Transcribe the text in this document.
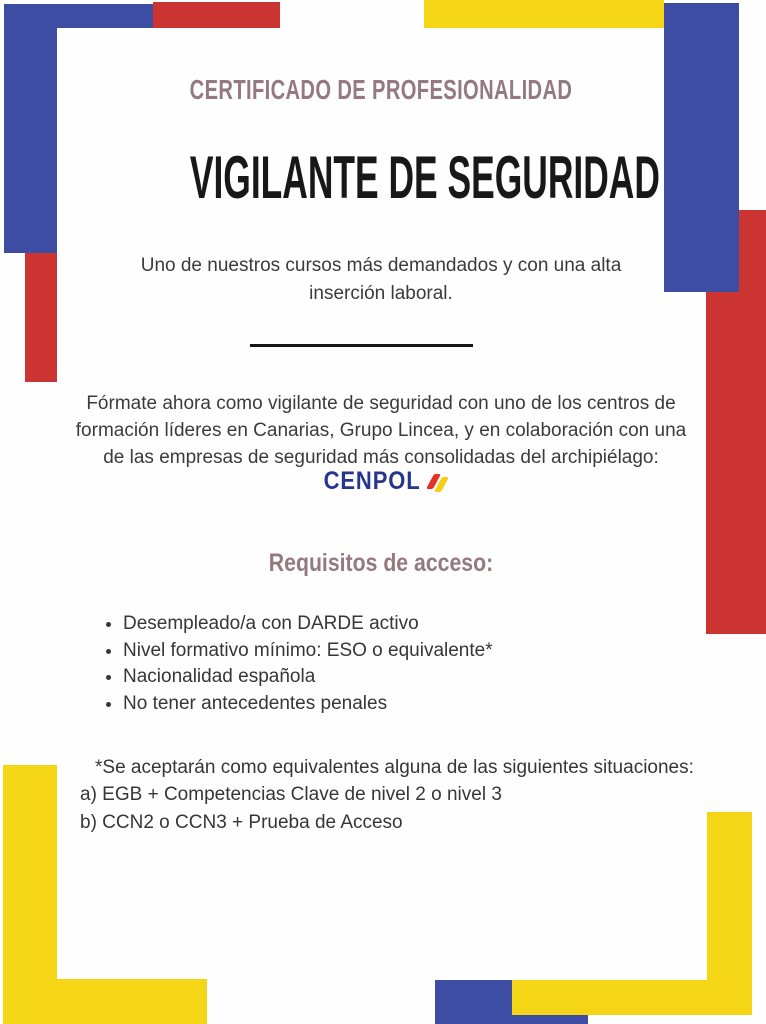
CERTIFICADO DE PROFESIONALIDAD
VIGILANTE DE SEGURIDAD
Uno de nuestros cursos más demandados y con una alta
inserción laboral.
Fórmate ahora como vigilante de seguridad con uno de los centros de
formación líderes en Canarias, Grupo Lincea, y en colaboración con una
de las empresas de seguridad más consolidadas del archipiélago:
CENPOL
Requisitos de acceso:
• Desempleado/a con DARDE activo
• Nivel formativo mínimo: ESO o equivalente*
• Nacionalidad española
• No tener antecedentes penales
*Se aceptarán como equivalentes alguna de las siguientes situaciones:
a) EGB + Competencias Clave de nivel 2 o nivel 3
b) CCN2 o CCN3 + Prueba de Acceso
